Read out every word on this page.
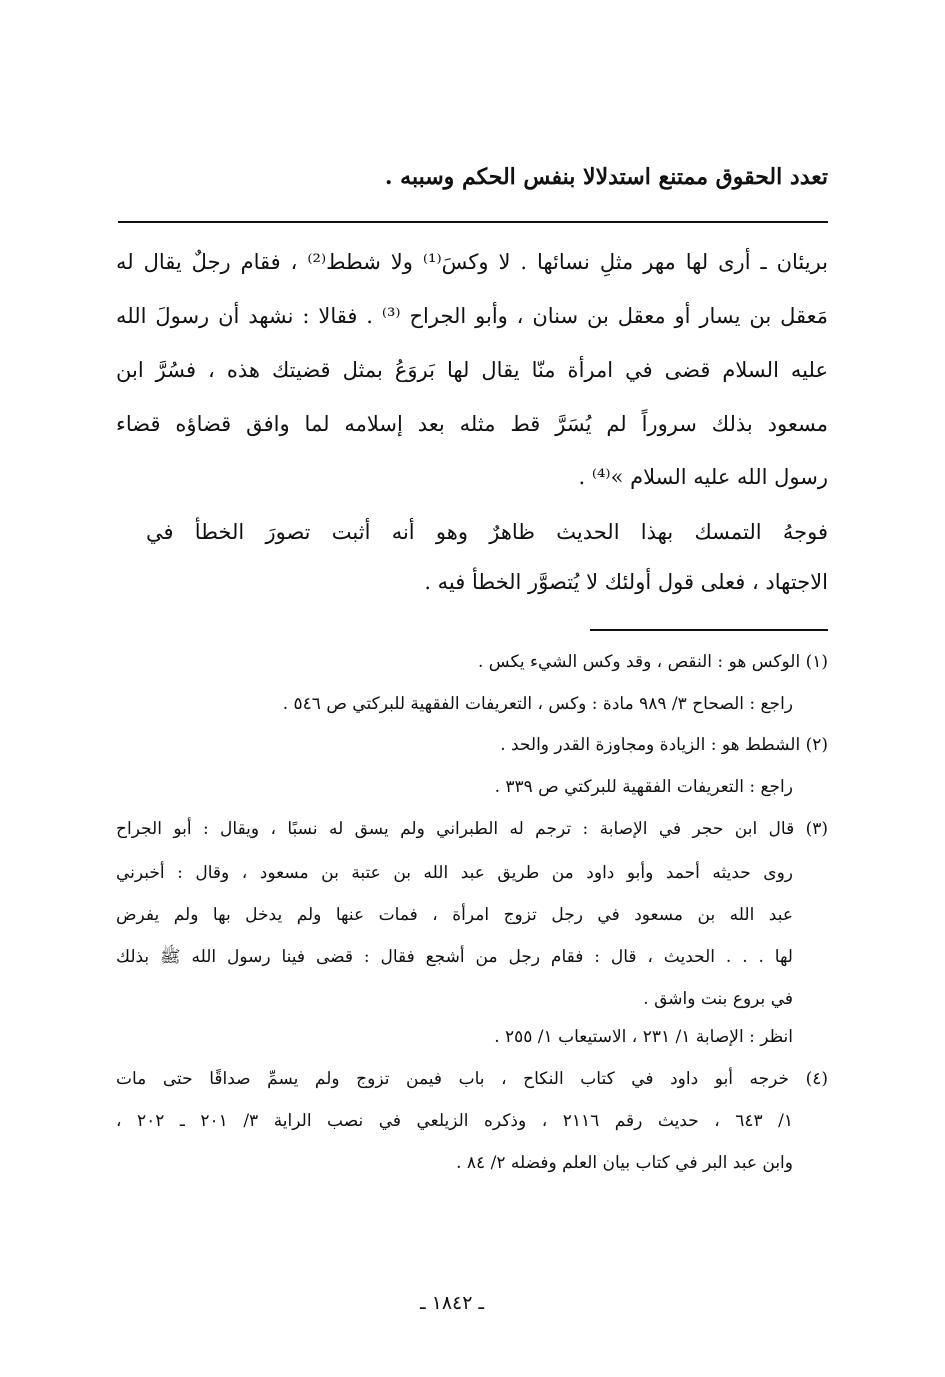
تعدد الحقوق ممتنع استدلالا بنفس الحكم وسببه .
بريئان ـ أرى لها مهر مثلِ نسائها . لا وكسَ⁽¹⁾ ولا شطط⁽²⁾ ، فقام رجلٌ يقال له
مَعقل بن يسار أو معقل بن سنان ، وأبو الجراح ⁽³⁾ . فقالا : نشهد أن رسولَ الله
عليه السلام قضى في امرأة منّا يقال لها بَروَعُ بمثل قضيتك هذه ، فسُرَّ ابن
مسعود بذلك سروراً لم يُسَرَّ قط مثله بعد إسلامه لما وافق قضاؤه قضاء
رسول الله عليه السلام »⁽⁴⁾ .
فوجهُ التمسك بهذا الحديث ظاهرٌ وهو أنه أثبت تصورَ الخطأ في
الاجتهاد ، فعلى قول أولئك لا يُتصوَّر الخطأ فيه .
(١) الوكس هو : النقص ، وقد وكس الشيء يكس .
راجع : الصحاح ٣/ ٩٨٩ مادة : وكس ، التعريفات الفقهية للبركتي ص ٥٤٦ .
(٢) الشطط هو : الزيادة ومجاوزة القدر والحد .
راجع : التعريفات الفقهية للبركتي ص ٣٣٩ .
(٣) قال ابن حجر في الإصابة : ترجم له الطبراني ولم يسق له نسبًا ، ويقال : أبو الجراح
روى حديثه أحمد وأبو داود من طريق عبد الله بن عتبة بن مسعود ، وقال : أخبرني
عبد الله بن مسعود في رجل تزوج امرأة ، فمات عنها ولم يدخل بها ولم يفرض
لها . . . الحديث ، قال : فقام رجل من أشجع فقال : قضى فينا رسول الله ﷺ بذلك
في بروع بنت واشق .
انظر : الإصابة ١/ ٢٣١ ، الاستيعاب ١/ ٢٥٥ .
(٤) خرجه أبو داود في كتاب النكاح ، باب فيمن تزوج ولم يسمِّ صداقًا حتى مات
١/ ٦٤٣ ، حديث رقم ٢١١٦ ، وذكره الزيلعي في نصب الراية ٣/ ٢٠١ ـ ٢٠٢ ،
وابن عبد البر في كتاب بيان العلم وفضله ٢/ ٨٤ .
ـ ١٨٤٢ ـ
